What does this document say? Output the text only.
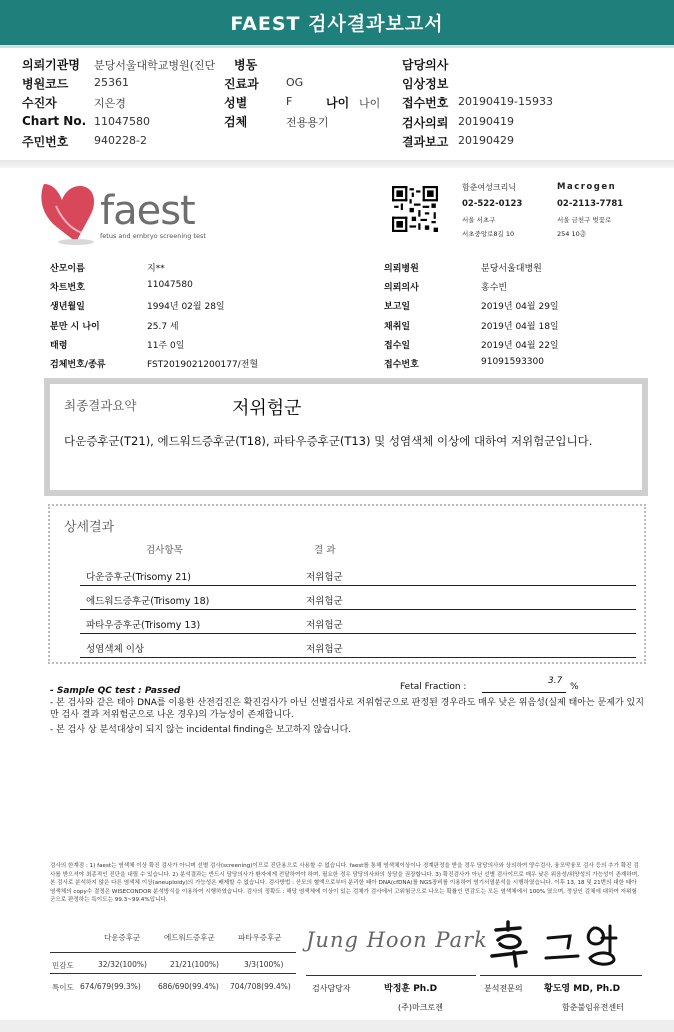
FAEST 검사결과보고서
의뢰기관명 분당서울대학교병원(진단
병원코드 25361
수진자	지은경
Chart No. 11047580
주민번호 940228-2
병동
진료과 OG
성별	F	나이 나이
검체	전용용기
담당의사
임상정보
접수번호 20190419-15933
검사의뢰 20190419
결과보고 20190429
faest
fetus and embryo screening test
함춘여성크리닉
02-522-0123
서울 서초구
서초중앙로8길 10
Macrogen
02-2113-7781
서울 금천구 벚꽃로
254 10층
산모이름	지**
차트번호	11047580
생년월일	1994년 02월 28일
분만 시 나이	25.7 세
태령	11주 0일
검체번호/종류	FST2019021200177/전혈
의뢰병원	분당서울대병원
의뢰의사	홍수빈
보고일	2019년 04월 29일
채취일	2019년 04월 18일
접수일	2019년 04월 22일
접수번호	91091593300
최종결과요약	저위험군
다운증후군(T21), 에드워드증후군(T18), 파타우증후군(T13) 및 성염색체 이상에 대하여 저위험군입니다.
상세결과
검사항목	결 과
다운증후군(Trisomy 21)	저위험군
에드워드증후군(Trisomy 18)	저위험군
파타우증후군(Trisomy 13)	저위험군
성염색체 이상	저위험군
- Sample QC test : Passed	Fetal Fraction :
3.7
%
- 본 검사와 같은 태아 DNA를 이용한 산전검진은 확진검사가 아닌 선별검사로 저위험군으로 판정된 경우라도 매우 낮은 위음성(실제 태아는 문제가 있지만 검사 결과 저위험군으로 나온 경우)의 가능성이 존재합니다.
- 본 검사 상 분석대상이 되지 않는 incidental finding은 보고하지 않습니다.
검사의 한계점 : 1) faest는 염색체 이상 확진 검사가 아니며 선별 검사(screening)이므로 진단용으로 사용할 수 없습니다. faest를 통해 염색체이상이나 경계판정을 받을 경우 담당의사와 상의하여 양수검사, 융모막융모 검사 등의 추가 확진 검사를 받으셔야 최종적인 진단을 내릴 수 있습니다. 2) 분석결과는 반드시 담당의사가 환자에게 전달하여야 하며, 필요한 경우 담당의사와의 상담을 권장합니다. 3) 확진검사가 아닌 선별 검사이므로 매우 낮은 위음성/위양성의 가능성이 존재하며, 본 검사로 분석하지 않은 다른 염색체 이상(aneuploidy)의 가능성은 배제할 수 없습니다. 검사방법 : 산모의 혈액으로부터 분리한 태아 DNA(cfDNA)를 NGS장비를 이용하여 염기서열분석을 시행하였습니다. 이후 13, 18 및 21번의 대한 태아 염색체의 copy수 결정은 WISECONDOR 분석방식을 이용하여 시행하였습니다. 검사의 정확도 : 해당 염색체에 이상이 있는 검체가 검사에서 고위험군으로 나오는 확률인 민감도는 모든 염색체에서 100% 였으며, 정상인 검체에 대하여 저위험군으로 판정하는 특이도는 99.3~99.4%입니다.
다운증후군	에드워드증후군	파타우증후군
민감도	32/32(100%)	21/21(100%)	3/3(100%)
특이도 674/679(99.3%) 686/690(99.4%) 704/708(99.4%)
Jung Hoon Park
검사담당자	박정훈 Ph.D
(주)마크로젠
분석전문의 황도영 MD, Ph.D
함춘불임유전센터
